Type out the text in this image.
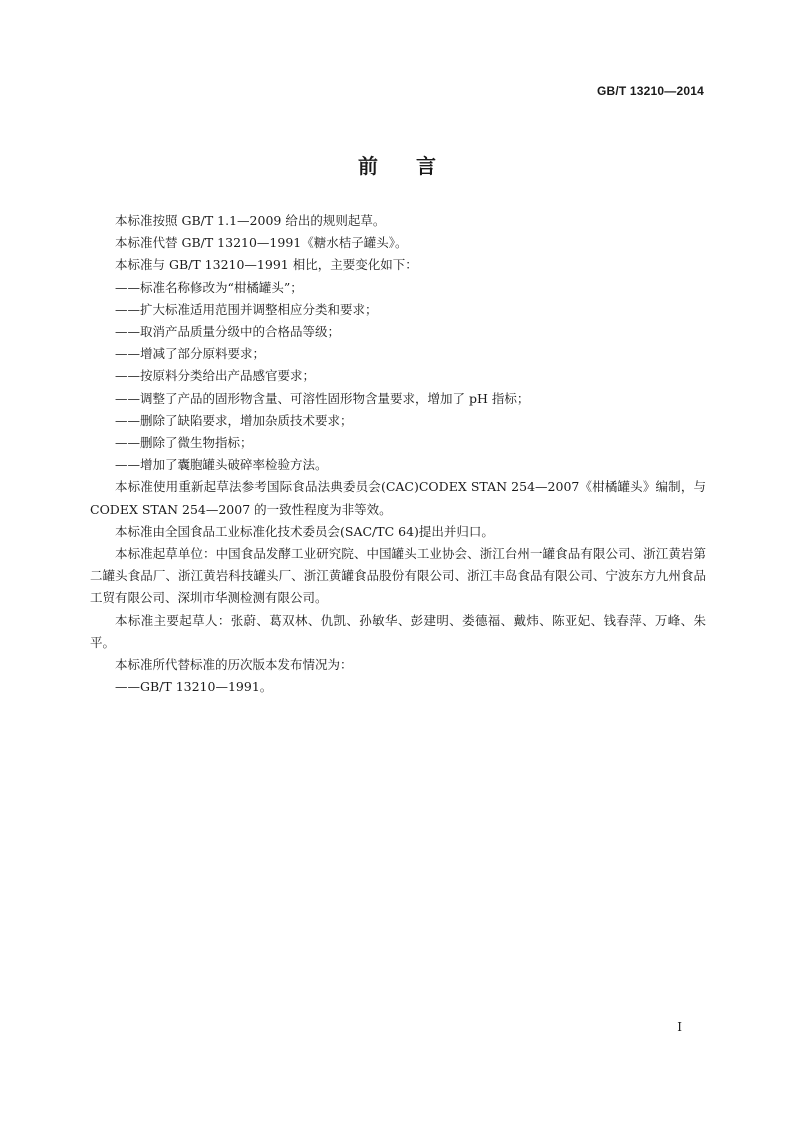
GB/T 13210—2014
前言

本标准按照 GB/T 1.1—2009 给出的规则起草。

本标准代替 GB/T 13210—1991《糖水桔子罐头》。

本标准与 GB/T 13210—1991 相比，主要变化如下：

——标准名称修改为“柑橘罐头”；

——扩大标准适用范围并调整相应分类和要求；

——取消产品质量分级中的合格品等级；

——增减了部分原料要求；

——按原料分类给出产品感官要求；

——调整了产品的固形物含量、可溶性固形物含量要求，增加了 pH 指标；

——删除了缺陷要求，增加杂质技术要求；

——删除了微生物指标；

——增加了囊胞罐头破碎率检验方法。

本标准使用重新起草法参考国际食品法典委员会(CAC)CODEX STAN 254—2007《柑橘罐头》编制，与 CODEX STAN 254—2007 的一致性程度为非等效。

本标准由全国食品工业标准化技术委员会(SAC/TC 64)提出并归口。

本标准起草单位：中国食品发酵工业研究院、中国罐头工业协会、浙江台州一罐食品有限公司、浙江黄岩第二罐头食品厂、浙江黄岩科技罐头厂、浙江黄罐食品股份有限公司、浙江丰岛食品有限公司、宁波东方九州食品工贸有限公司、深圳市华测检测有限公司。

本标准主要起草人：张蔚、葛双林、仇凯、孙敏华、彭建明、娄德福、戴炜、陈亚妃、钱春萍、万峰、朱平。

本标准所代替标准的历次版本发布情况为：

——GB/T 13210—1991。

I
